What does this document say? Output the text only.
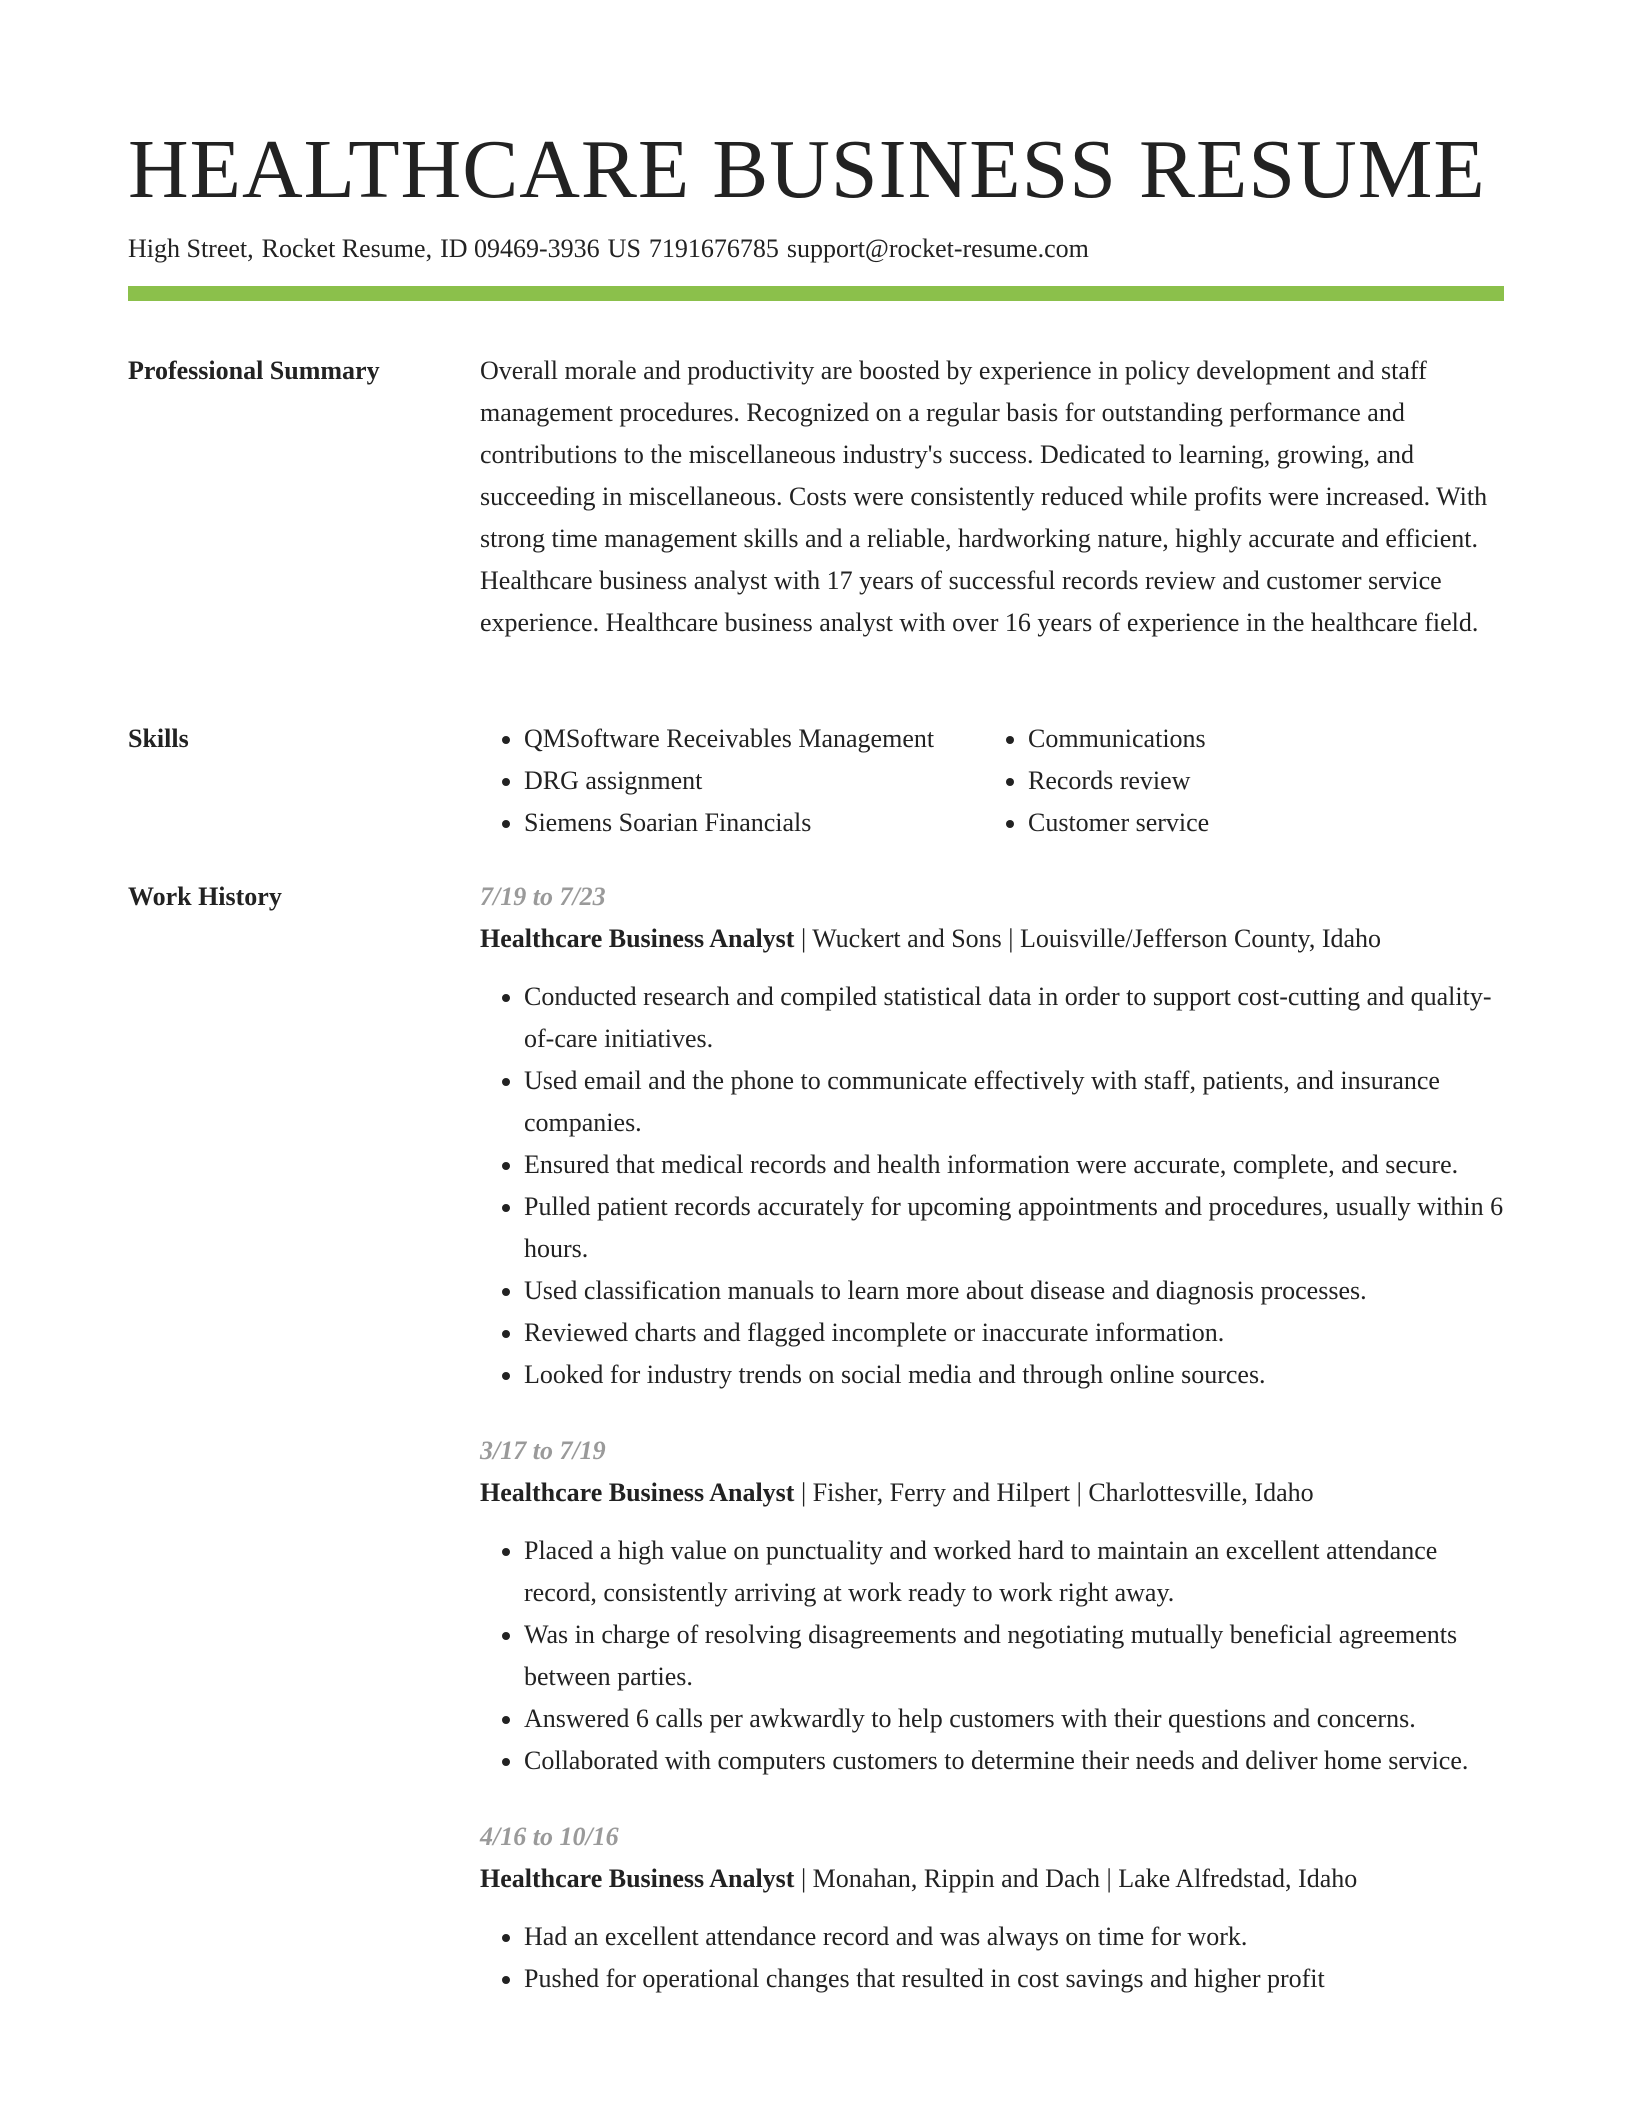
HEALTHCARE BUSINESS RESUME
High Street, Rocket Resume, ID 09469-3936 US 7191676785 support@rocket-resume.com
Professional Summary	Overall morale and productivity are boosted by experience in policy development and staff management procedures. Recognized on a regular basis for outstanding performance and contributions to the miscellaneous industry's success. Dedicated to learning, growing, and succeeding in miscellaneous. Costs were consistently reduced while profits were increased. With strong time management skills and a reliable, hardworking nature, highly accurate and efficient. Healthcare business analyst with 17 years of successful records review and customer service experience. Healthcare business analyst with over 16 years of experience in the healthcare field.

Skills
•	QMSoftware Receivables Management
• DRG assignment
• Siemens Soarian Financials
• Communications
• Records review
• Customer service
Work History	7/19 to 7/23
Healthcare Business Analyst | Wuckert and Sons | Louisville/Jefferson County, Idaho
• Conducted research and compiled statistical data in order to support cost-cutting and quality-of-care initiatives.
• Used email and the phone to communicate effectively with staff, patients, and insurance companies.
• Ensured that medical records and health information were accurate, complete, and secure.
• Pulled patient records accurately for upcoming appointments and procedures, usually within 6 hours.
• Used classification manuals to learn more about disease and diagnosis processes.
• Reviewed charts and flagged incomplete or inaccurate information.
• Looked for industry trends on social media and through online sources.
3/17 to 7/19
Healthcare Business Analyst | Fisher, Ferry and Hilpert | Charlottesville, Idaho
• Placed a high value on punctuality and worked hard to maintain an excellent attendance record, consistently arriving at work ready to work right away.
• Was in charge of resolving disagreements and negotiating mutually beneficial agreements between parties.
• Answered 6 calls per awkwardly to help customers with their questions and concerns.
• Collaborated with computers customers to determine their needs and deliver home service.
4/16 to 10/16
Healthcare Business Analyst | Monahan, Rippin and Dach | Lake Alfredstad, Idaho
• Had an excellent attendance record and was always on time for work.
• Pushed for operational changes that resulted in cost savings and higher profit
